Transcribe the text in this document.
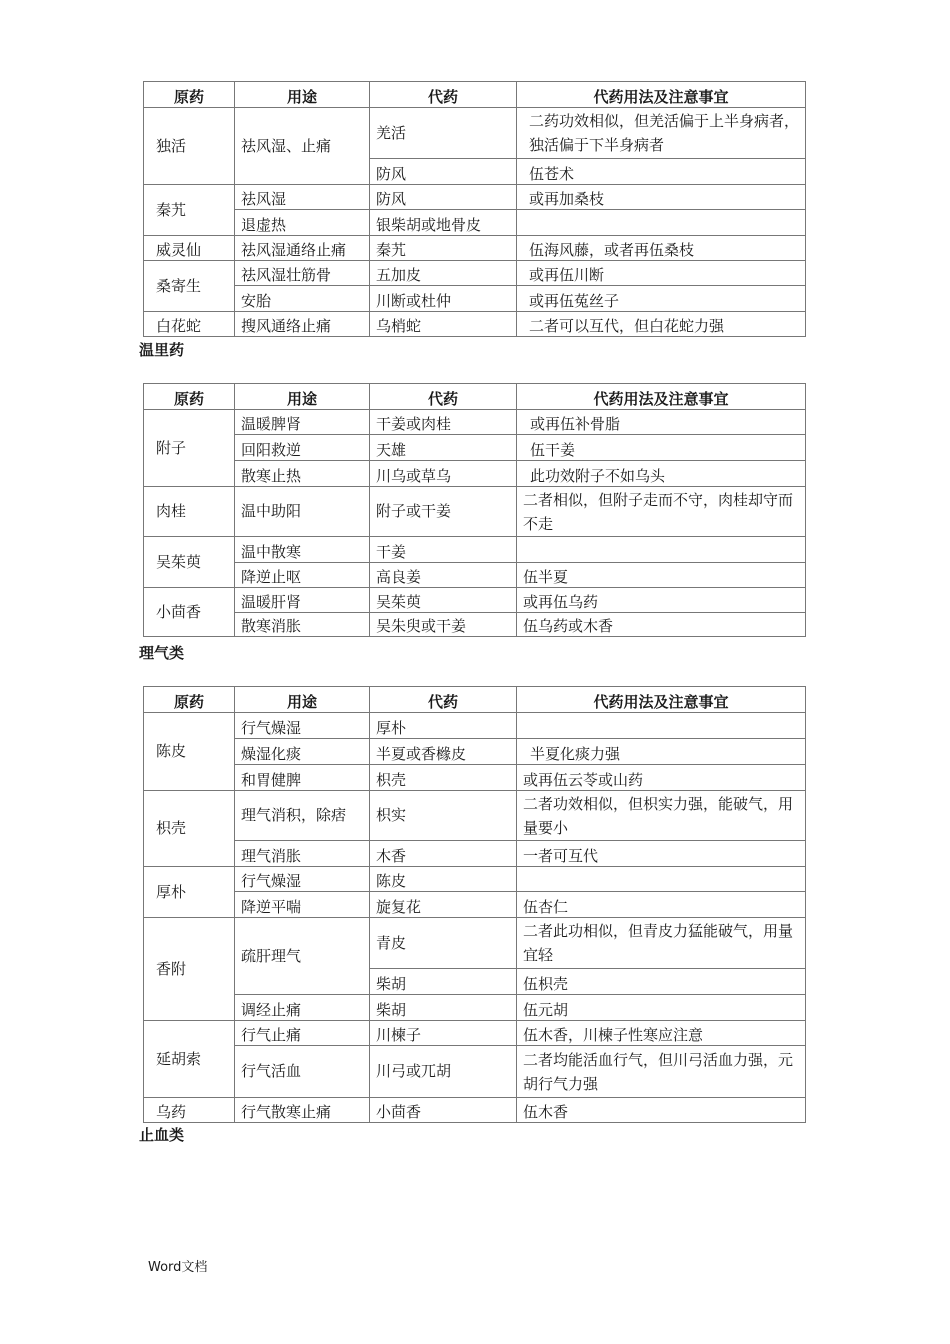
原药	用途	代药	代药用法及注意事宜
独活	祛风湿、止痛	羌活	二药功效相似，但羌活偏于上半身病者，独活偏于下半身病者
		防风	伍苍术
秦艽	祛风湿	防风	或再加桑枝
	退虚热	银柴胡或地骨皮	
威灵仙	祛风湿通络止痛	秦艽	伍海风藤，或者再伍桑枝
桑寄生	祛风湿壮筋骨	五加皮	或再伍川断
	安胎	川断或杜仲	或再伍菟丝子
白花蛇	搜风通络止痛	乌梢蛇	二者可以互代，但白花蛇力强
温里药
原药	用途	代药	代药用法及注意事宜
附子	温暖脾肾	干姜或肉桂	或再伍补骨脂
	回阳救逆	天雄	伍干姜
	散寒止热	川乌或草乌	此功效附子不如乌头
肉桂	温中助阳	附子或干姜	二者相似，但附子走而不守，肉桂却守而不走
吴茱萸	温中散寒	干姜	
	降逆止呕	高良姜	伍半夏
小茴香	温暖肝肾	吴茱萸	或再伍乌药
	散寒消胀	吴朱臾或干姜	伍乌药或木香
理气类
原药	用途	代药	代药用法及注意事宜
陈皮	行气燥湿	厚朴	
	燥湿化痰	半夏或香橼皮	半夏化痰力强
	和胃健脾	枳壳	或再伍云苓或山药
枳壳	理气消积，除痞	枳实	二者功效相似，但枳实力强，能破气，用量要小
	理气消胀	木香	一者可互代
厚朴	行气燥湿	陈皮	
	降逆平喘	旋复花	伍杏仁
香附	疏肝理气	青皮	二者此功相似，但青皮力猛能破气，用量宜轻
		柴胡	伍枳壳
	调经止痛	柴胡	伍元胡
延胡索	行气止痛	川楝子	伍木香，川楝子性寒应注意
	行气活血	川弓或兀胡	二者均能活血行气，但川弓活血力强，元胡行气力强
乌药	行气散寒止痛	小茴香	伍木香
止血类
Word文档
